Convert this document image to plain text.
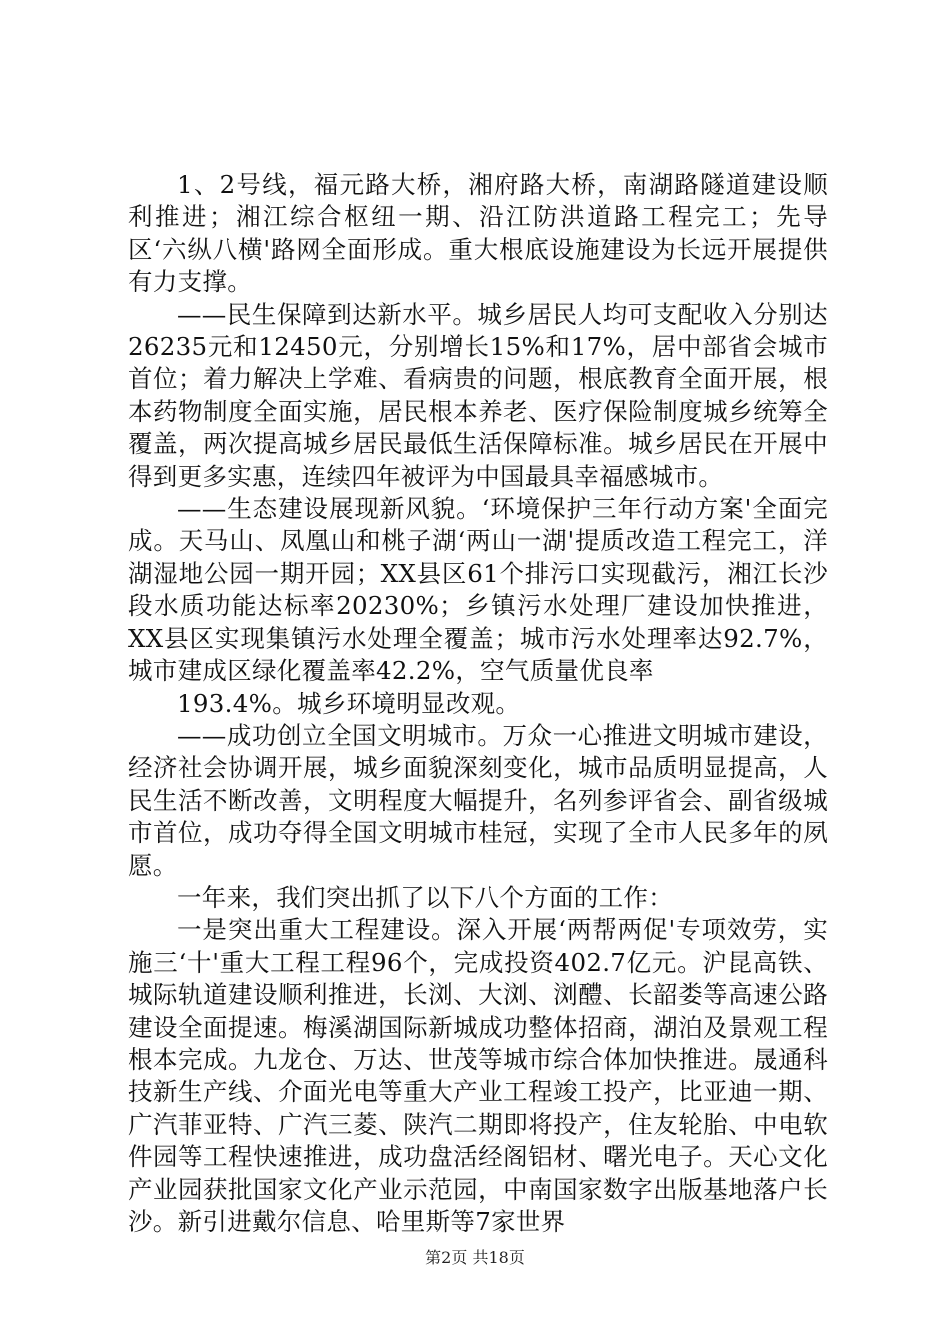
1、2号线，福元路大桥，湘府路大桥，南湖路隧道建设顺利推进；湘江综合枢纽一期、沿江防洪道路工程完工；先导区‘六纵八横'路网全面形成。重大根底设施建设为长远开展提供有力支撑。

——民生保障到达新水平。城乡居民人均可支配收入分别达26235元和12450元，分别增长15%和17%，居中部省会城市首位；着力解决上学难、看病贵的问题，根底教育全面开展，根本药物制度全面实施，居民根本养老、医疗保险制度城乡统筹全覆盖，两次提高城乡居民最低生活保障标准。城乡居民在开展中得到更多实惠，连续四年被评为中国最具幸福感城市。

——生态建设展现新风貌。‘环境保护三年行动方案'全面完成。天马山、凤凰山和桃子湖‘两山一湖'提质改造工程完工，洋湖湿地公园一期开园；XX县区61个排污口实现截污，湘江长沙段水质功能达标率20230%；乡镇污水处理厂建设加快推进，XX县区实现集镇污水处理全覆盖；城市污水处理率达92.7%，城市建成区绿化覆盖率42.2%，空气质量优良率

193.4%。城乡环境明显改观。

——成功创立全国文明城市。万众一心推进文明城市建设，经济社会协调开展，城乡面貌深刻变化，城市品质明显提高，人民生活不断改善，文明程度大幅提升，名列参评省会、副省级城市首位，成功夺得全国文明城市桂冠，实现了全市人民多年的夙愿。

一年来，我们突出抓了以下八个方面的工作：

一是突出重大工程建设。深入开展‘两帮两促'专项效劳，实施三‘十'重大工程工程96个，完成投资402.7亿元。沪昆高铁、城际轨道建设顺利推进，长浏、大浏、浏醴、长韶娄等高速公路建设全面提速。梅溪湖国际新城成功整体招商，湖泊及景观工程根本完成。九龙仓、万达、世茂等城市综合体加快推进。晟通科技新生产线、介面光电等重大产业工程竣工投产，比亚迪一期、广汽菲亚特、广汽三菱、陕汽二期即将投产，住友轮胎、中电软件园等工程快速推进，成功盘活经阁铝材、曙光电子。天心文化产业园获批国家文化产业示范园，中南国家数字出版基地落户长沙。新引进戴尔信息、哈里斯等7家世界

第2页 共18页
